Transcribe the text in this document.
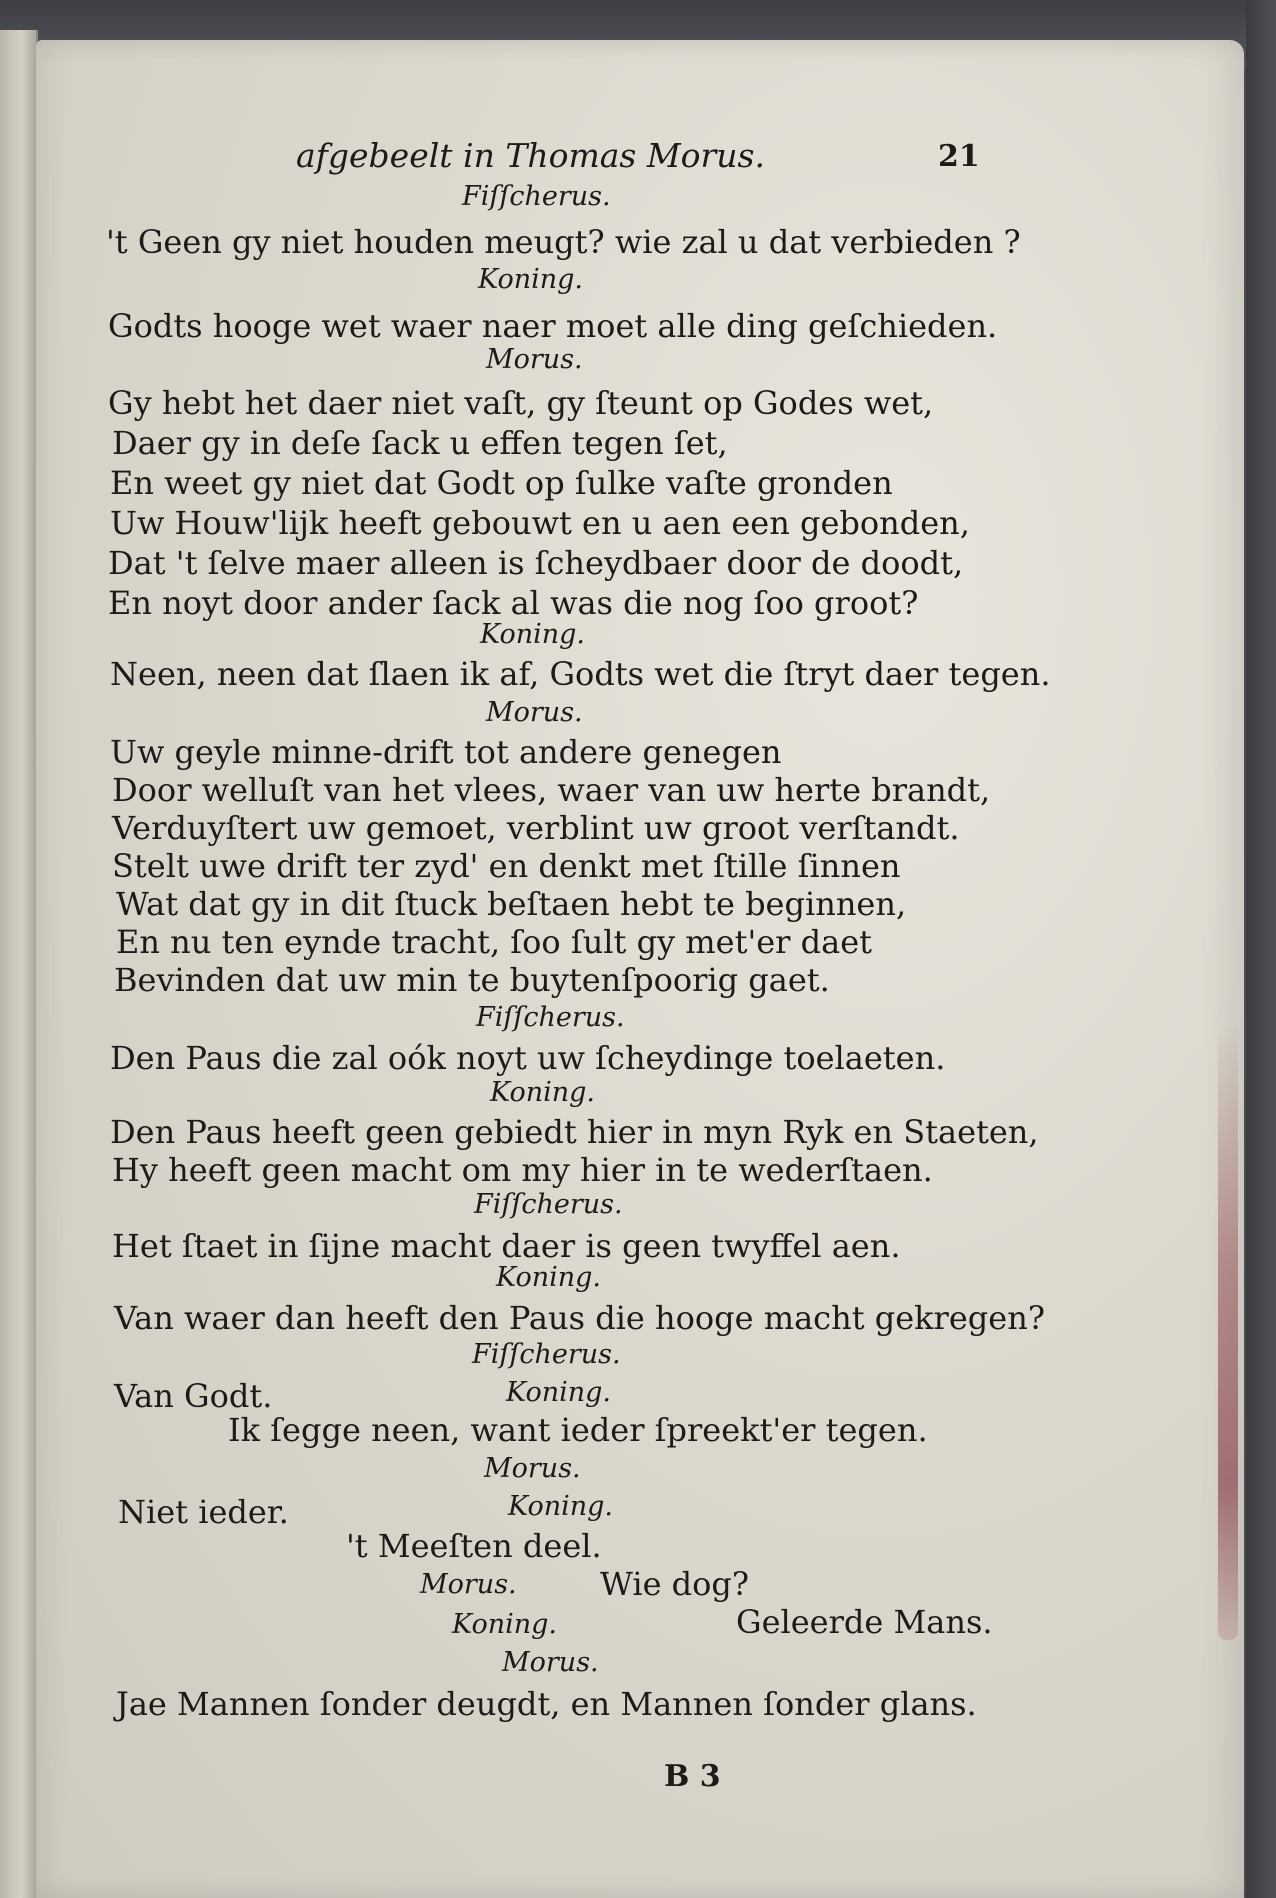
afgebeelt in Thomas Morus.	21
Fiſſcherus.
't Geen gy niet houden meugt? wie zal u dat verbieden ?
Koning.
Godts hooge wet waer naer moet alle ding geſchieden.
Morus.
Gy hebt het daer niet vaſt, gy ſteunt op Godes wet,
Daer gy in deſe ſack u effen tegen ſet,
En weet gy niet dat Godt op ſulke vaſte gronden
Uw Houw'lijk heeft gebouwt en u aen een gebonden,
Dat 't ſelve maer alleen is ſcheydbaer door de doodt,
En noyt door ander ſack al was die nog ſoo groot?
Koning.
Neen, neen dat ſlaen ik af, Godts wet die ſtryt daer tegen.
Morus.
Uw geyle minne-drift tot andere genegen
Door welluſt van het vlees, waer van uw herte brandt,
Verduyſtert uw gemoet, verblint uw groot verſtandt.
Stelt uwe drift ter zyd' en denkt met ſtille ſinnen
Wat dat gy in dit ſtuck beſtaen hebt te beginnen,
En nu ten eynde tracht, ſoo ſult gy met'er daet
Bevinden dat uw min te buytenſpoorig gaet.
Fiſſcherus.
Den Paus die zal oók noyt uw ſcheydinge toelaeten.
Koning.
Den Paus heeft geen gebiedt hier in myn Ryk en Staeten,
Hy heeft geen macht om my hier in te wederſtaen.
Fiſſcherus.
Het ſtaet in ſijne macht daer is geen twyffel aen.
Koning.
Van waer dan heeft den Paus die hooge macht gekregen?
Fiſſcherus.
Van Godt.	Koning.
Ik ſegge neen, want ieder ſpreekt'er tegen.
Morus.
Niet ieder.	Koning.
't Meeſten deel.
Morus.	Wie dog?
Koning.	Geleerde Mans.
Morus.
Jae Mannen ſonder deugdt, en Mannen ſonder glans.
B 3
